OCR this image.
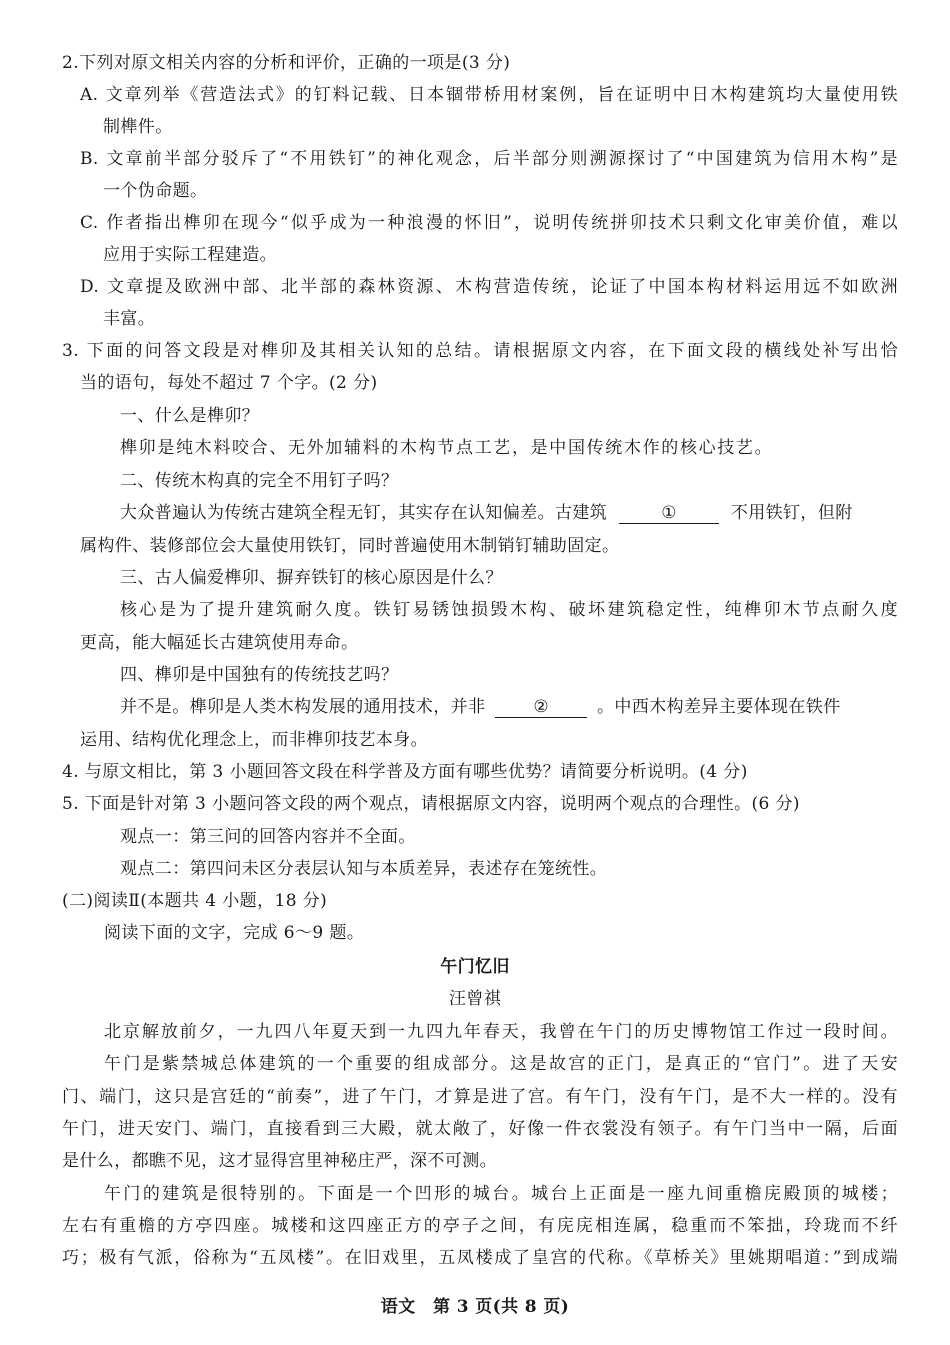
2.下列对原文相关内容的分析和评价，正确的一项是(3 分)
A. 文章列举《营造法式》的钉料记载、日本锢带桥用材案例，旨在证明中日木构建筑均大量使用铁
制榫件。
B. 文章前半部分驳斥了“不用铁钉”的神化观念，后半部分则溯源探讨了“中国建筑为信用木构”是
一个伪命题。
C. 作者指出榫卯在现今“似乎成为一种浪漫的怀旧”，说明传统拼卯技术只剩文化审美价值，难以
应用于实际工程建造。
D. 文章提及欧洲中部、北半部的森林资源、木构营造传统，论证了中国本构材料运用远不如欧洲
丰富。
3. 下面的问答文段是对榫卯及其相关认知的总结。请根据原文内容，在下面文段的横线处补写出恰
当的语句，每处不超过 7 个字。(2 分)
一、什么是榫卯？
榫卯是纯木料咬合、无外加辅料的木构节点工艺，是中国传统木作的核心技艺。
二、传统木构真的完全不用钉子吗？
大众普遍认为传统古建筑全程无钉，其实存在认知偏差。古建筑	①	不用铁钉，但附
属构件、装修部位会大量使用铁钉，同时普遍使用木制销钉辅助固定。
三、古人偏爱榫卯、摒弃铁钉的核心原因是什么？
核心是为了提升建筑耐久度。铁钉易锈蚀损毁木构、破坏建筑稳定性，纯榫卯木节点耐久度
更高，能大幅延长古建筑使用寿命。
四、榫卯是中国独有的传统技艺吗？
并不是。榫卯是人类木构发展的通用技术，并非	②	。中西木构差异主要体现在铁件
运用、结构优化理念上，而非榫卯技艺本身。
4. 与原文相比，第 3 小题回答文段在科学普及方面有哪些优势？请简要分析说明。(4 分)
5. 下面是针对第 3 小题问答文段的两个观点，请根据原文内容，说明两个观点的合理性。(6 分)
观点一：第三问的回答内容并不全面。
观点二：第四问未区分表层认知与本质差异，表述存在笼统性。
(二)阅读Ⅱ(本题共 4 小题，18 分)
阅读下面的文字，完成 6～9 题。
午门忆旧
汪曾祺
北京解放前夕，一九四八年夏天到一九四九年春天，我曾在午门的历史博物馆工作过一段时间。
午门是紫禁城总体建筑的一个重要的组成部分。这是故宫的正门，是真正的“官门”。进了天安
门、端门，这只是宫廷的“前奏”，进了午门，才算是进了宫。有午门，没有午门，是不大一样的。没有
午门，进天安门、端门，直接看到三大殿，就太敞了，好像一件衣裳没有领子。有午门当中一隔，后面
是什么，都瞧不见，这才显得宫里神秘庄严，深不可测。
午门的建筑是很特别的。下面是一个凹形的城台。城台上正面是一座九间重檐庑殿顶的城楼；
左右有重檐的方亭四座。城楼和这四座正方的亭子之间，有庑庑相连属，稳重而不笨拙，玲珑而不纤
巧；极有气派，俗称为“五凤楼”。在旧戏里，五凤楼成了皇宫的代称。《草桥关》里姚期唱道：”到成端
语文　第 3 页(共 8 页)
